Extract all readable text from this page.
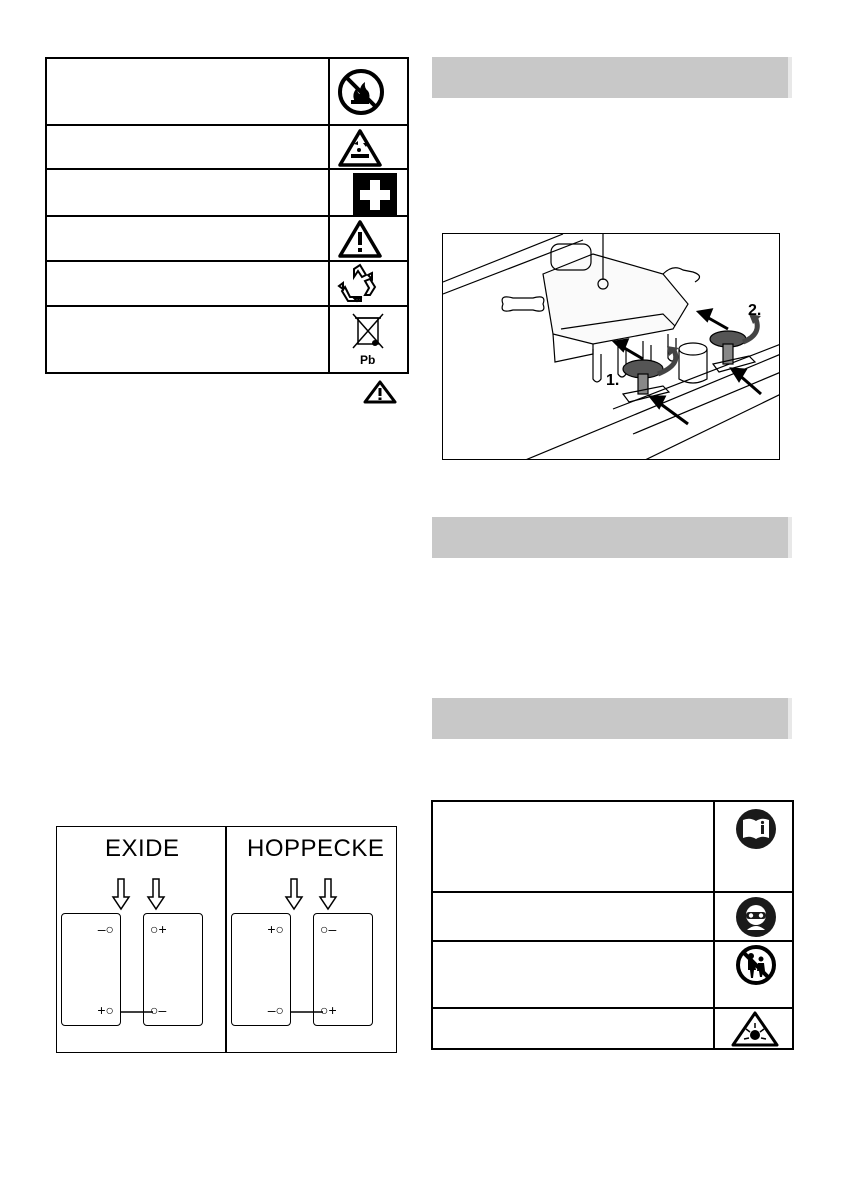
Pb
1.
2.
EXIDE	HOPPECKE
–○
+○
○+
○–
+○
–○
○–
○+
